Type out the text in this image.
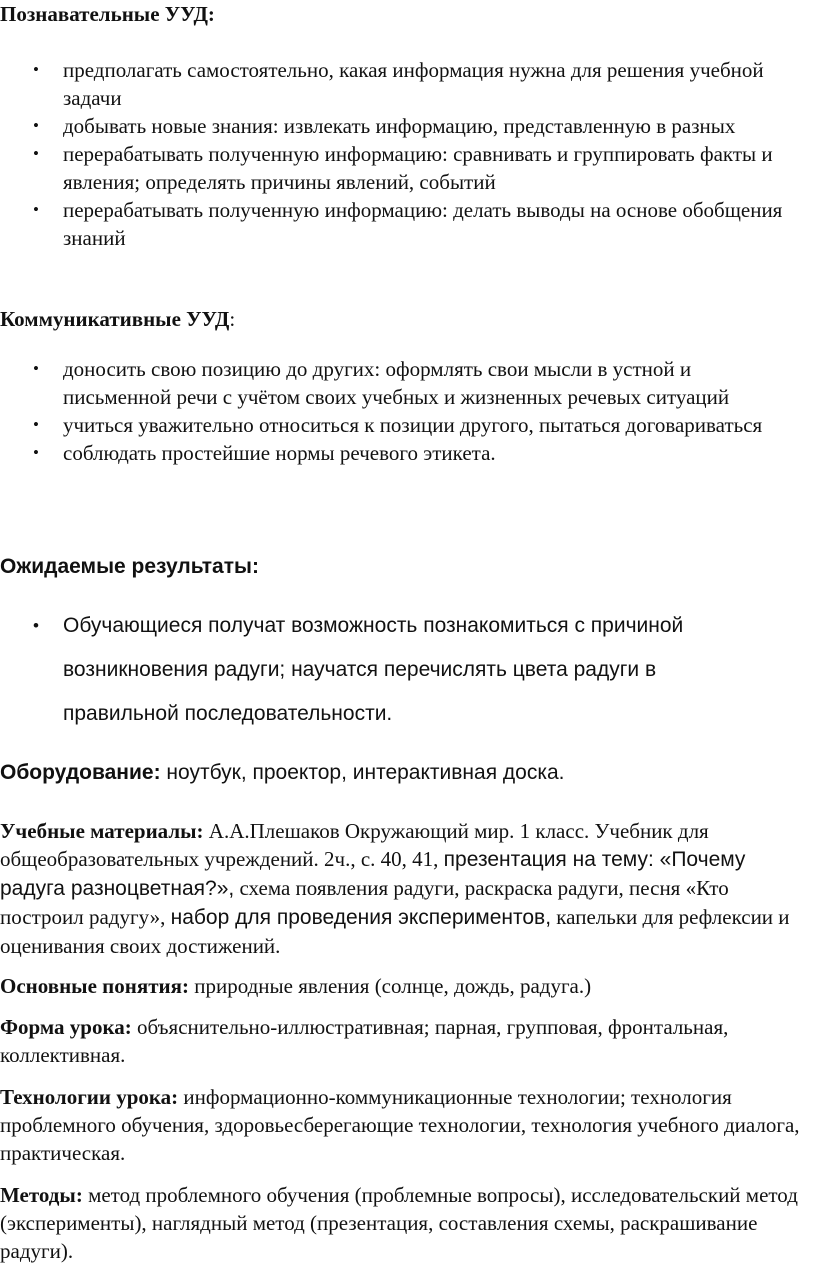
Познавательные УУД:

• предполагать самостоятельно, какая информация нужна для решения учебной задачи
• добывать новые знания: извлекать информацию, представленную в разных
• перерабатывать полученную информацию: сравнивать и группировать факты и явления; определять причины явлений, событий
• перерабатывать полученную информацию: делать выводы на основе обобщения знаний

Коммуникативные УУД:

• доносить свою позицию до других: оформлять свои мысли в устной и письменной речи с учётом своих учебных и жизненных речевых ситуаций
• учиться уважительно относиться к позиции другого, пытаться договариваться
• соблюдать простейшие нормы речевого этикета.

Ожидаемые результаты:

• Обучающиеся получат возможность познакомиться с причиной возникновения радуги; научатся перечислять цвета радуги в правильной последовательности.

Оборудование: ноутбук, проектор, интерактивная доска.

Учебные материалы: А.А.Плешаков Окружающий мир. 1 класс. Учебник для общеобразовательных учреждений. 2ч., с. 40, 41, презентация на тему: «Почему радуга разноцветная?», схема появления радуги, раскраска радуги, песня «Кто построил радугу», набор для проведения экспериментов, капельки для рефлексии и оценивания своих достижений.

Основные понятия: природные явления (солнце, дождь, радуга.)

Форма урока: объяснительно-иллюстративная; парная, групповая, фронтальная, коллективная.

Технологии урока: информационно-коммуникационные технологии; технология проблемного обучения, здоровьесберегающие технологии, технология учебного диалога, практическая.

Методы: метод проблемного обучения (проблемные вопросы), исследовательский метод (эксперименты), наглядный метод (презентация, составления схемы, раскрашивание радуги).
